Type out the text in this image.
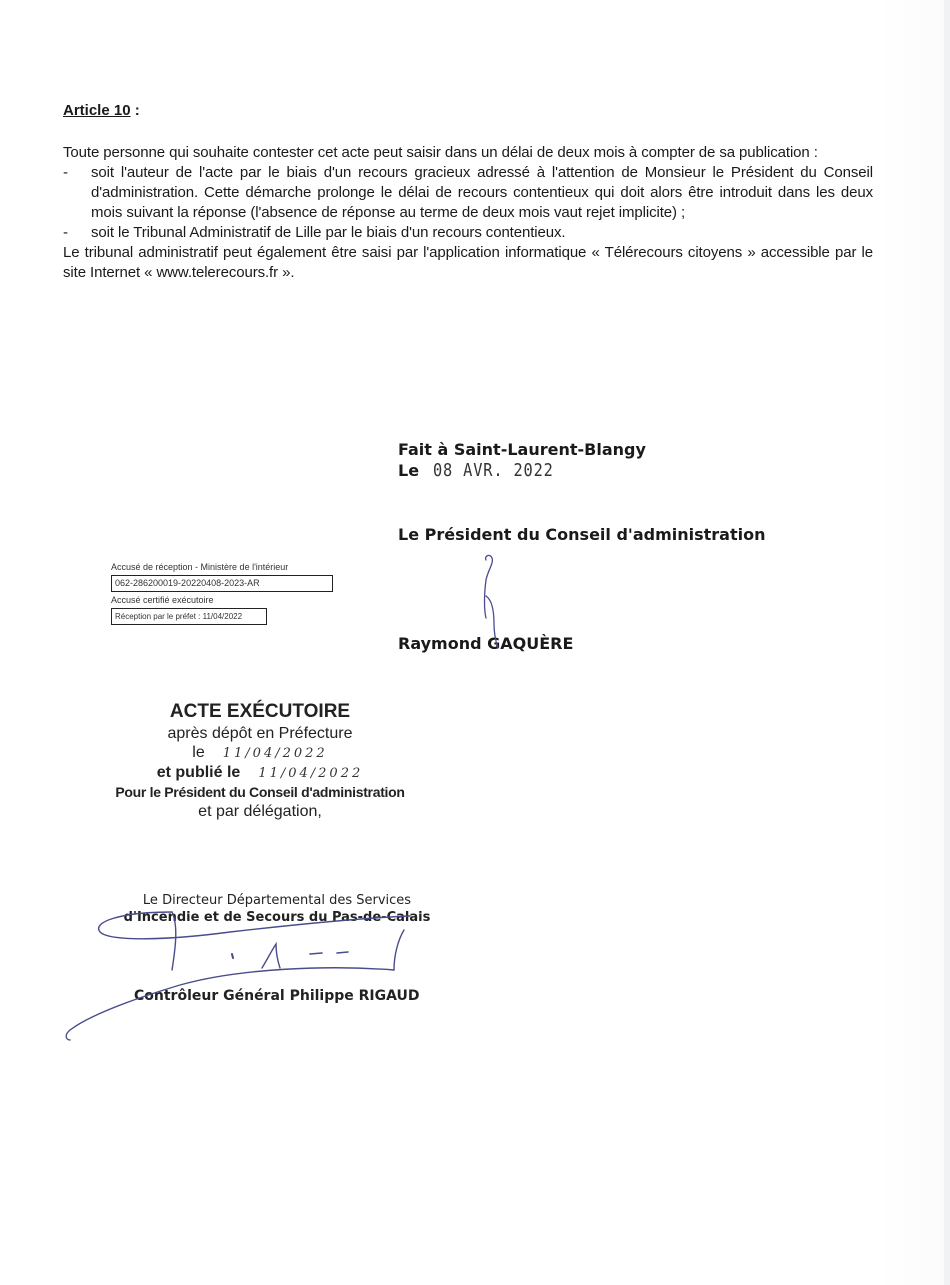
Article 10 :

Toute personne qui souhaite contester cet acte peut saisir dans un délai de deux mois à compter de sa publication :

-	soit l'auteur de l'acte par le biais d'un recours gracieux adressé à l'attention de Monsieur le Président du Conseil d'administration. Cette démarche prolonge le délai de recours contentieux qui doit alors être introduit dans les deux mois suivant la réponse (l'absence de réponse au terme de deux mois vaut rejet implicite) ;
-	soit le Tribunal Administratif de Lille par le biais d'un recours contentieux.

Le tribunal administratif peut également être saisi par l'application informatique « Télérecours citoyens » accessible par le site Internet « www.telerecours.fr ».

Fait à Saint-Laurent-Blangy
Le 08 AVR. 2022
Le Président du Conseil d'administration
Raymond GAQUÈRE
Accusé de réception - Ministère de l'intérieur
062-286200019-20220408-2023-AR
Accusé certifié exécutoire
Réception par le préfet : 11/04/2022
ACTE EXÉCUTOIRE
après dépôt en Préfecture
le 11/04/2022
et publié le 11/04/2022
Pour le Président du Conseil d'administration
et par délégation,
Le Directeur Départemental des Services
d'Incendie et de Secours du Pas-de-Calais
Contrôleur Général Philippe RIGAUD
